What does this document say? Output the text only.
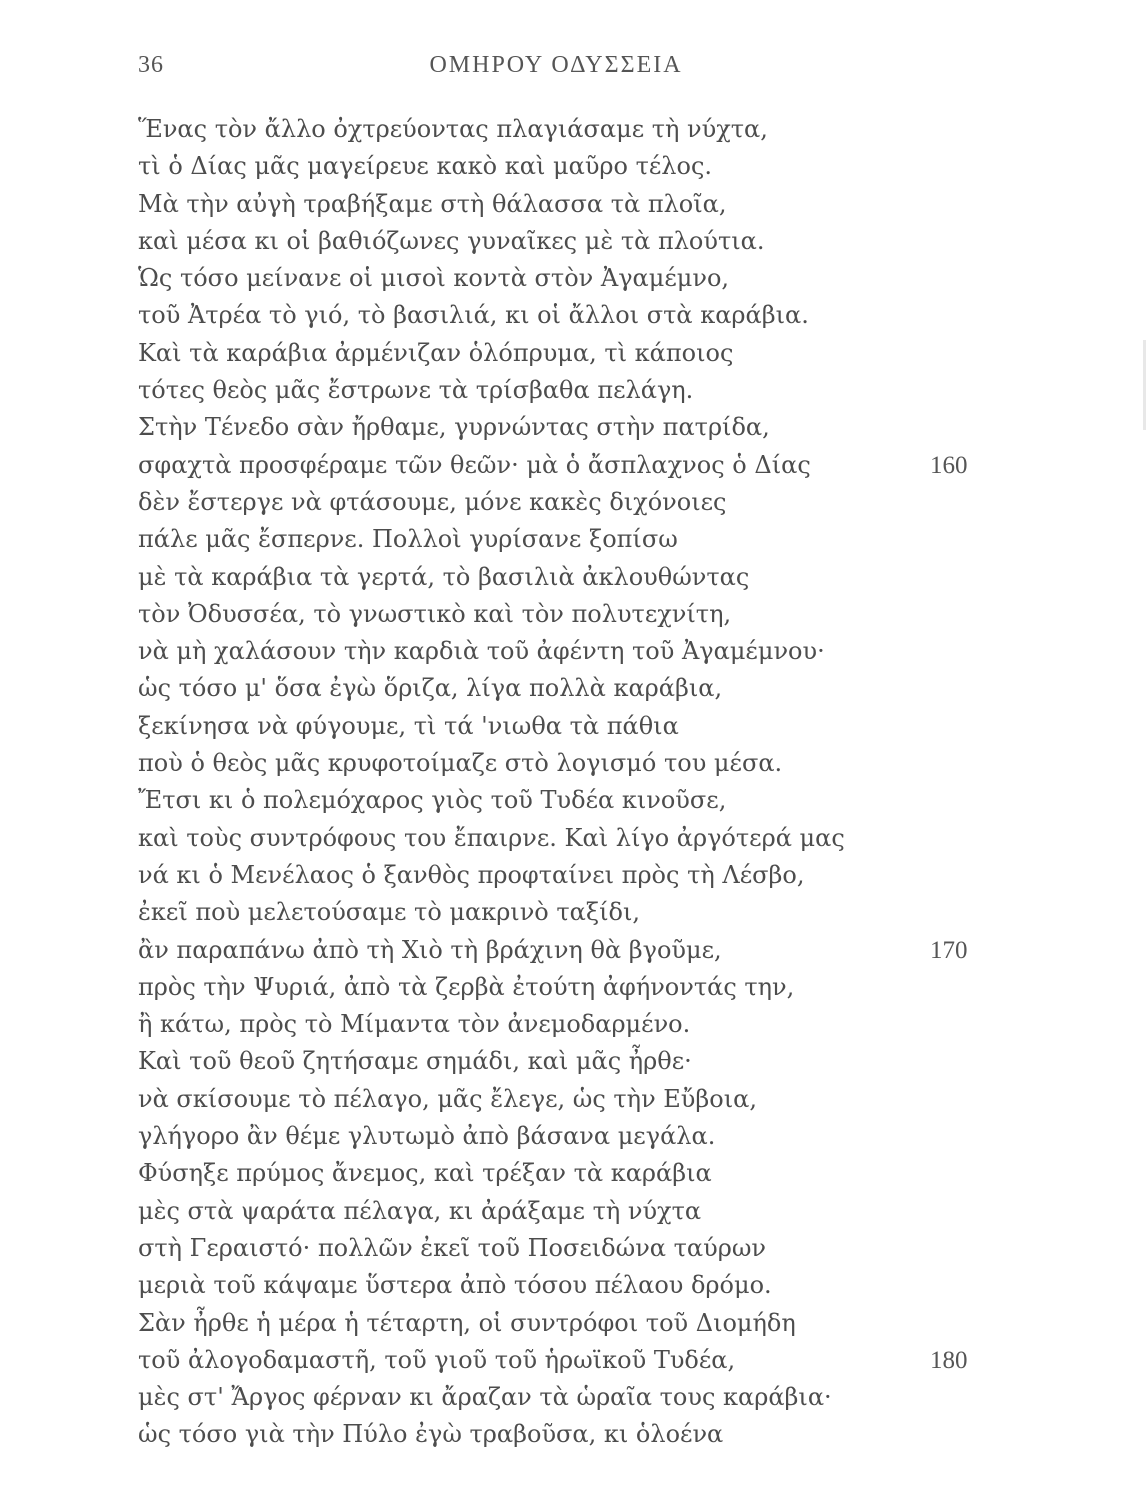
36	ΟΜΗΡΟΥ ΟΔΥΣΣΕΙΑ
Ἕνας τὸν ἄλλο ὀχτρεύοντας πλαγιάσαμε τὴ νύχτα,
τὶ ὁ Δίας μᾶς μαγείρευε κακὸ καὶ μαῦρο τέλος.
Μὰ τὴν αὐγὴ τραβήξαμε στὴ θάλασσα τὰ πλοῖα,
καὶ μέσα κι οἱ βαθιόζωνες γυναῖκες μὲ τὰ πλούτια.
Ὡς τόσο μείνανε οἱ μισοὶ κοντὰ στὸν Ἀγαμέμνο,
τοῦ Ἀτρέα τὸ γιό, τὸ βασιλιά, κι οἱ ἄλλοι στὰ καράβια.
Καὶ τὰ καράβια ἀρμένιζαν ὁλόπρυμα, τὶ κάποιος
τότες θεὸς μᾶς ἔστρωνε τὰ τρίσβαθα πελάγη.
Στὴν Τένεδο σὰν ἤρθαμε, γυρνώντας στὴν πατρίδα,
σφαχτὰ προσφέραμε τῶν θεῶν· μὰ ὁ ἄσπλαχνος ὁ Δίας	160
δὲν ἔστεργε νὰ φτάσουμε, μόνε κακὲς διχόνοιες
πάλε μᾶς ἔσπερνε. Πολλοὶ γυρίσανε ξοπίσω
μὲ τὰ καράβια τὰ γερτά, τὸ βασιλιὰ ἀκλουθώντας
τὸν Ὀδυσσέα, τὸ γνωστικὸ καὶ τὸν πολυτεχνίτη,
νὰ μὴ χαλάσουν τὴν καρδιὰ τοῦ ἀφέντη τοῦ Ἀγαμέμνου·
ὡς τόσο μ' ὅσα ἐγὼ ὅριζα, λίγα πολλὰ καράβια,
ξεκίνησα νὰ φύγουμε, τὶ τά 'νιωθα τὰ πάθια
ποὺ ὁ θεὸς μᾶς κρυφοτοίμαζε στὸ λογισμό του μέσα.
Ἔτσι κι ὁ πολεμόχαρος γιὸς τοῦ Τυδέα κινοῦσε,
καὶ τοὺς συντρόφους του ἔπαιρνε. Καὶ λίγο ἀργότερά μας
νά κι ὁ Μενέλαος ὁ ξανθὸς προφταίνει πρὸς τὴ Λέσβο,
ἐκεῖ ποὺ μελετούσαμε τὸ μακρινὸ ταξίδι,
ἂν παραπάνω ἀπὸ τὴ Χιὸ τὴ βράχινη θὰ βγοῦμε,	170
πρὸς τὴν Ψυριά, ἀπὸ τὰ ζερβὰ ἐτούτη ἀφήνοντάς την,
ἢ κάτω, πρὸς τὸ Μίμαντα τὸν ἀνεμοδαρμένο.
Καὶ τοῦ θεοῦ ζητήσαμε σημάδι, καὶ μᾶς ἦρθε·
νὰ σκίσουμε τὸ πέλαγο, μᾶς ἔλεγε, ὡς τὴν Εὔβοια,
γλήγορο ἂν θέμε γλυτωμὸ ἀπὸ βάσανα μεγάλα.
Φύσηξε πρύμος ἄνεμος, καὶ τρέξαν τὰ καράβια
μὲς στὰ ψαράτα πέλαγα, κι ἀράξαμε τὴ νύχτα
στὴ Γεραιστό· πολλῶν ἐκεῖ τοῦ Ποσειδώνα ταύρων
μεριὰ τοῦ κάψαμε ὕστερα ἀπὸ τόσου πέλαου δρόμο.
Σὰν ἦρθε ἡ μέρα ἡ τέταρτη, οἱ συντρόφοι τοῦ Διομήδη
τοῦ ἀλογοδαμαστῆ, τοῦ γιοῦ τοῦ ἡρωϊκοῦ Τυδέα,	180
μὲς στ' Ἄργος φέρναν κι ἄραζαν τὰ ὡραῖα τους καράβια·
ὡς τόσο γιὰ τὴν Πύλο ἐγὼ τραβοῦσα, κι ὁλοένα
